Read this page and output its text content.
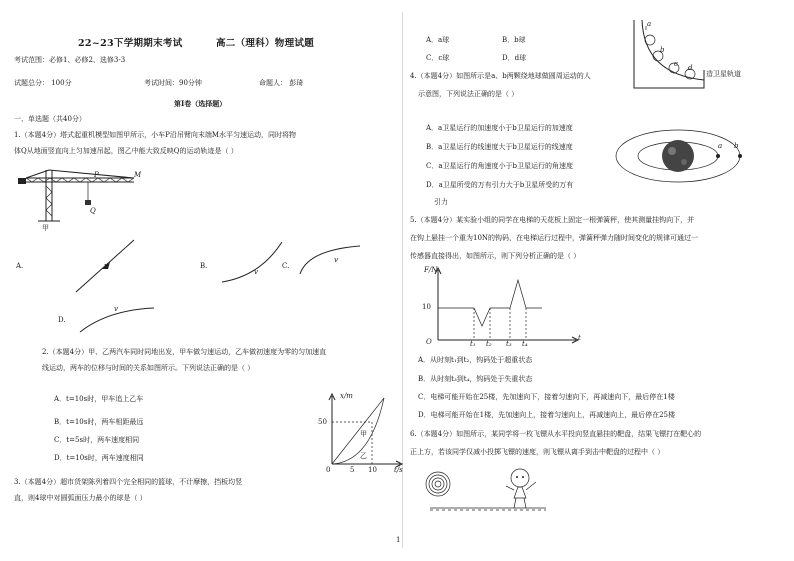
22~23下学期期末考试	高二（理科）物理试题
考试范围：必修1、必修2、选修3-3
试题总分： 100分	考试时间：90分钟	命题人： 彭琦
第Ⅰ卷（选择题）
一、单选题（共40分）
1.（本题4分）塔式起重机模型如图甲所示，小车P沿吊臂向末端M水平匀速运动，同时将物
体Q从地面竖直向上匀加速吊起，图乙中能大致反映Q的运动轨迹是（ ）
P	M
Q
甲
A.	v	B.
v
C.
v
D.
v
2.（本题4分）甲、乙两汽车同时同地出发，甲车做匀速运动，乙车做初速度为零的匀加速直
线运动，两车的位移与时间的关系如图所示。下列说法正确的是（ ）
A．t=10s时，甲车追上乙车
B．t=10s时，两车相距最远
C．t=5s时，两车速度相同
D．t=10s时，两车速度相同
x/m
50
甲
乙
0	5 10 t/s
3.（本题4分）超市货架陈列着四个完全相同的篮球，不计摩擦，挡板均竖
直，则4球中对圆弧面压力最小的球是（ ）
A．a球	B．b球
C．c球	D．d球
a
b
c d
4.（本题4分）如图所示是a、b两颗绕地球做圆周运动的人
示意图，下列说法正确的是（ ）
造卫星轨道
A．a卫星运行的加速度小于b卫星运行的加速度
B．a卫星运行的线速度大于b卫星运行的线速度
C．a卫星运行的角速度小于b卫星运行的角速度
D．a卫星所受的万有引力大于b卫星所受的万有
引力
a b
5.（本题4分）某实验小组的同学在电梯的天花板上固定一根弹簧秤，使其测量挂钩向下，并
在钩上悬挂一个重为10N的钩码，在电梯运行过程中，弹簧秤弹力随时间变化的规律可通过一
传感器直接得出，如图所示，则下列分析正确的是（ ）
F/N
10
O	t₁ t₂ t₃ t₄
t
A．从时刻t₁到t₂，钩码处于超重状态
B．从时刻t₃到t₄，钩码处于失重状态
C．电梯可能开始在25楼，先加速向下，接着匀速向下，再减速向下，最后停在1楼
D．电梯可能开始在1楼，先加速向上，接着匀速向上，再减速向上，最后停在25楼
6.（本题4分）如图所示，某同学将一枚飞镖从水平投向竖直悬挂的靶盘，结果飞镖打在靶心的
正上方，若该同学仅减小投掷飞镖的速度，则飞镖从离手到击中靶盘的过程中（ ）
1
